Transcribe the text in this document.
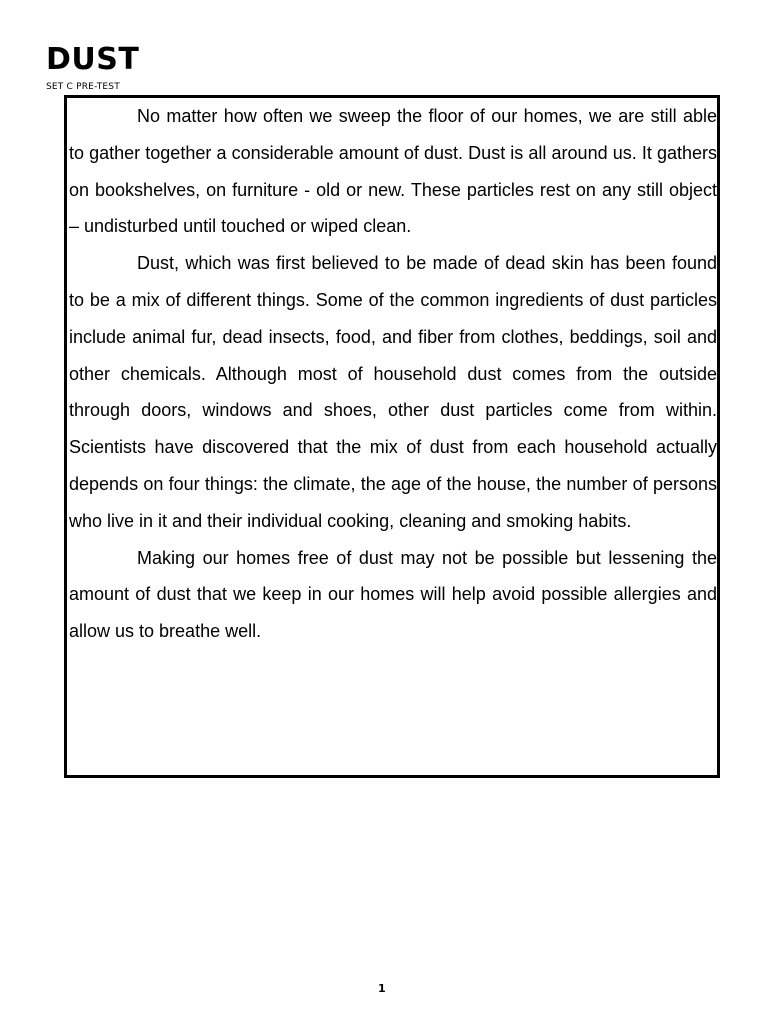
DUST
SET C PRE-TEST

No matter how often we sweep the floor of our homes, we are still able to gather together a considerable amount of dust. Dust is all around us. It gathers on bookshelves, on furniture - old or new. These particles rest on any still object – undisturbed until touched or wiped clean.

Dust, which was first believed to be made of dead skin has been found to be a mix of different things. Some of the common ingredients of dust particles include animal fur, dead insects, food, and fiber from clothes, beddings, soil and other chemicals. Although most of household dust comes from the outside through doors, windows and shoes, other dust particles come from within. Scientists have discovered that the mix of dust from each household actually depends on four things: the climate, the age of the house, the number of persons who live in it and their individual cooking, cleaning and smoking habits.

Making our homes free of dust may not be possible but lessening the amount of dust that we keep in our homes will help avoid possible allergies and allow us to breathe well.

1
